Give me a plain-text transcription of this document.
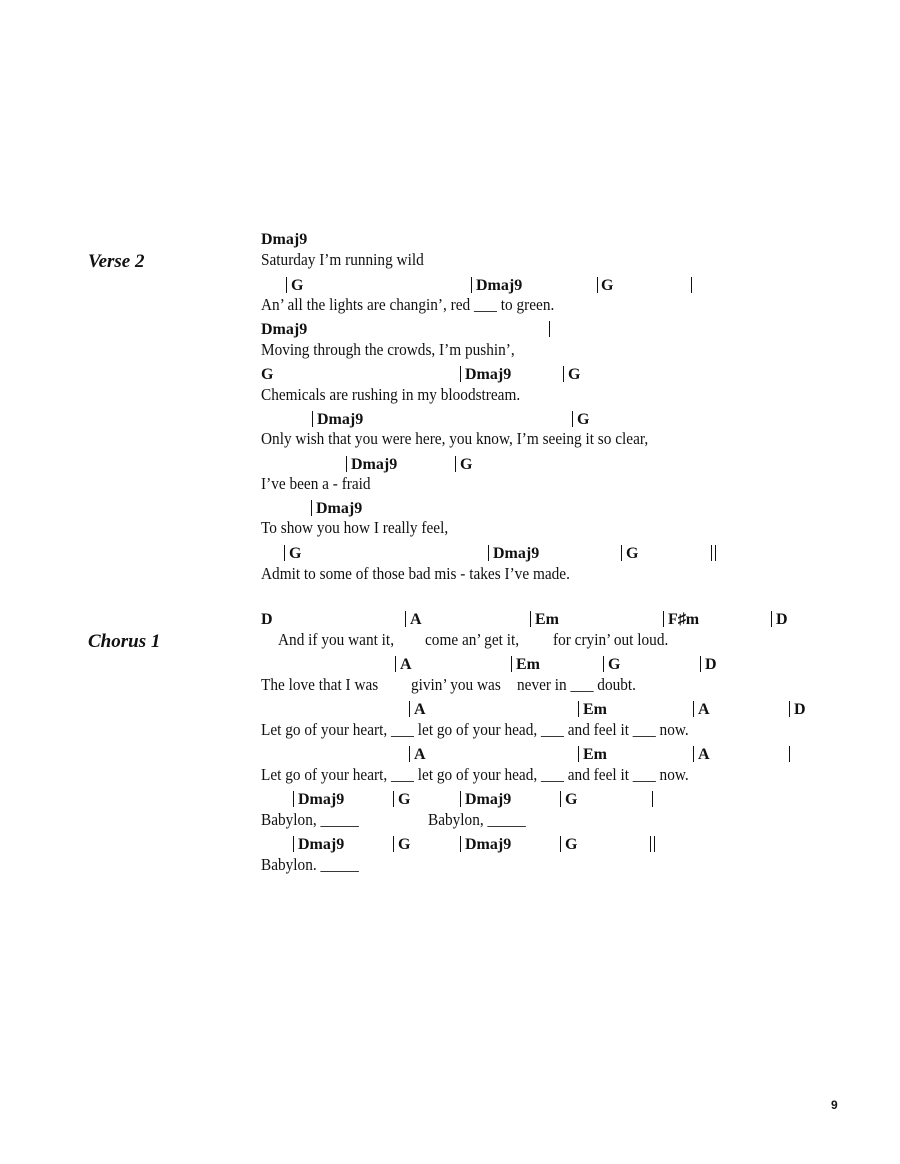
Verse 2
Chorus 1
Dmaj9
Saturday I’m running wild
G	Dmaj9	G
An’ all the lights are changin’, red ___ to green.
Dmaj9
Moving through the crowds, I’m pushin’,
G	Dmaj9	G
Chemicals are rushing in my bloodstream.
Dmaj9	G
Only wish that you were here, you know, I’m seeing it so clear,
Dmaj9	G
I’ve been a - fraid
Dmaj9
To show you how I really feel,
G	Dmaj9	G
Admit to some of those bad mis - takes I’ve made.
D	A	Em	F♯m	D
And if you want it, come an’ get it, for cryin’ out loud.
A	Em	G	D
The love that I was givin’ you was never in ___ doubt.
A	Em	A	D
Let go of your heart, ___ let go of your head, ___ and feel it ___ now.
A	Em	A
Let go of your heart, ___ let go of your head, ___ and feel it ___ now.
Dmaj9	G	Dmaj9	G
Babylon, _____	Babylon, _____
Dmaj9	G	Dmaj9	G
Babylon. _____
9
